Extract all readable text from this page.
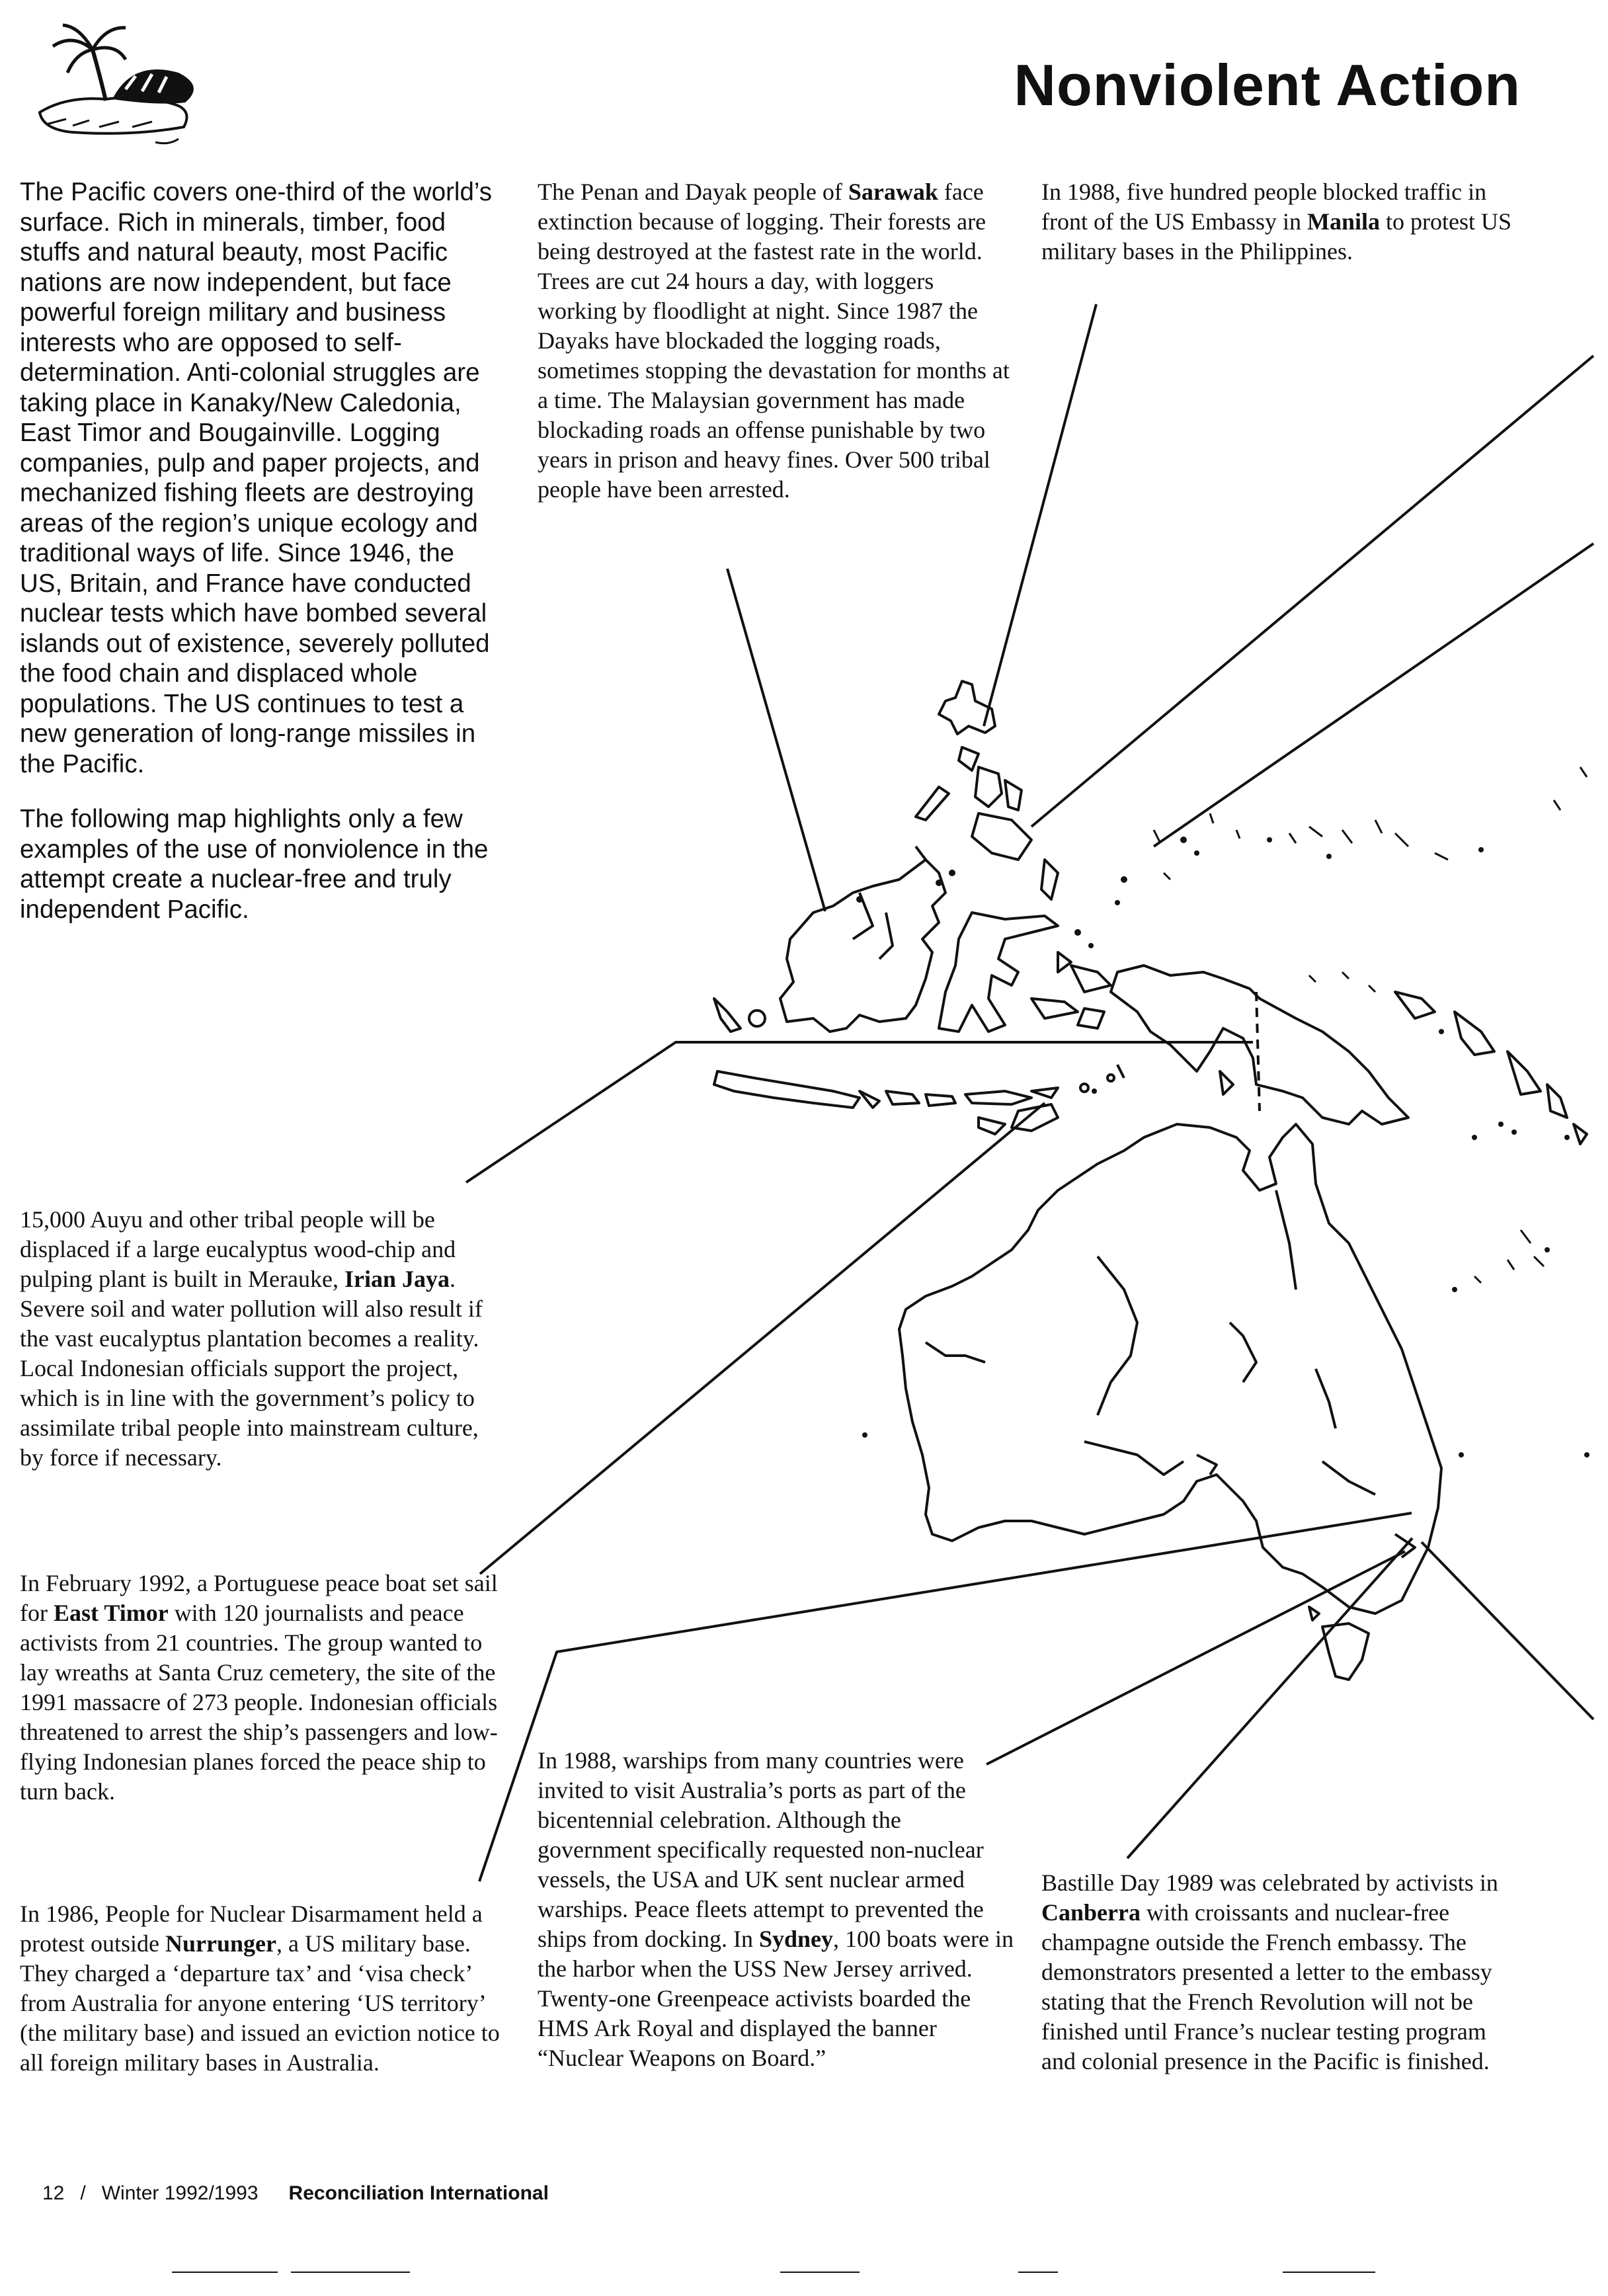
Nonviolent Action

The Pacific covers one-third of the world’s surface. Rich in minerals, timber, food stuffs and natural beauty, most Pacific nations are now independent, but face powerful foreign military and business interests who are opposed to self-determination. Anti-colonial struggles are taking place in Kanaky/New Caledonia, East Timor and Bougainville. Logging companies, pulp and paper projects, and mechanized fishing fleets are destroying areas of the region’s unique ecology and traditional ways of life. Since 1946, the US, Britain, and France have conducted nuclear tests which have bombed several islands out of existence, severely polluted the food chain and displaced whole populations. The US continues to test a new generation of long-range missiles in the Pacific.

The following map highlights only a few examples of the use of nonviolence in the attempt create a nuclear-free and truly independent Pacific.

The Penan and Dayak people of Sarawak face extinction because of logging. Their forests are being destroyed at the fastest rate in the world. Trees are cut 24 hours a day, with loggers working by floodlight at night. Since 1987 the Dayaks have blockaded the logging roads, sometimes stopping the devastation for months at a time. The Malaysian government has made blockading roads an offense punishable by two years in prison and heavy fines. Over 500 tribal people have been arrested.

In 1988, five hundred people blocked traffic in front of the US Embassy in Manila to protest US military bases in the Philippines.

15,000 Auyu and other tribal people will be displaced if a large eucalyptus wood-chip and pulping plant is built in Merauke, Irian Jaya. Severe soil and water pollution will also result if the vast eucalyptus plantation becomes a reality. Local Indonesian officials support the project, which is in line with the government’s policy to assimilate tribal people into mainstream culture, by force if necessary.

In February 1992, a Portuguese peace boat set sail for East Timor with 120 journalists and peace activists from 21 countries. The group wanted to lay wreaths at Santa Cruz cemetery, the site of the 1991 massacre of 273 people. Indonesian officials threatened to arrest the ship’s passengers and low-flying Indonesian planes forced the peace ship to turn back.

In 1986, People for Nuclear Disarmament held a protest outside Nurrunger, a US military base. They charged a ‘departure tax’ and ‘visa check’ from Australia for anyone entering ‘US territory’ (the military base) and issued an eviction notice to all foreign military bases in Australia.

In 1988, warships from many countries were invited to visit Australia’s ports as part of the bicentennial celebration. Although the government specifically requested non-nuclear vessels, the USA and UK sent nuclear armed warships. Peace fleets attempt to prevented the ships from docking. In Sydney, 100 boats were in the harbor when the USS New Jersey arrived. Twenty-one Greenpeace activists boarded the HMS Ark Royal and displayed the banner “Nuclear Weapons on Board.”

Bastille Day 1989 was celebrated by activists in Canberra with croissants and nuclear-free champagne outside the French embassy. The demonstrators presented a letter to the embassy stating that the French Revolution will not be finished until France’s nuclear testing program and colonial presence in the Pacific is finished.

12 / Winter 1992/1993 Reconciliation International
